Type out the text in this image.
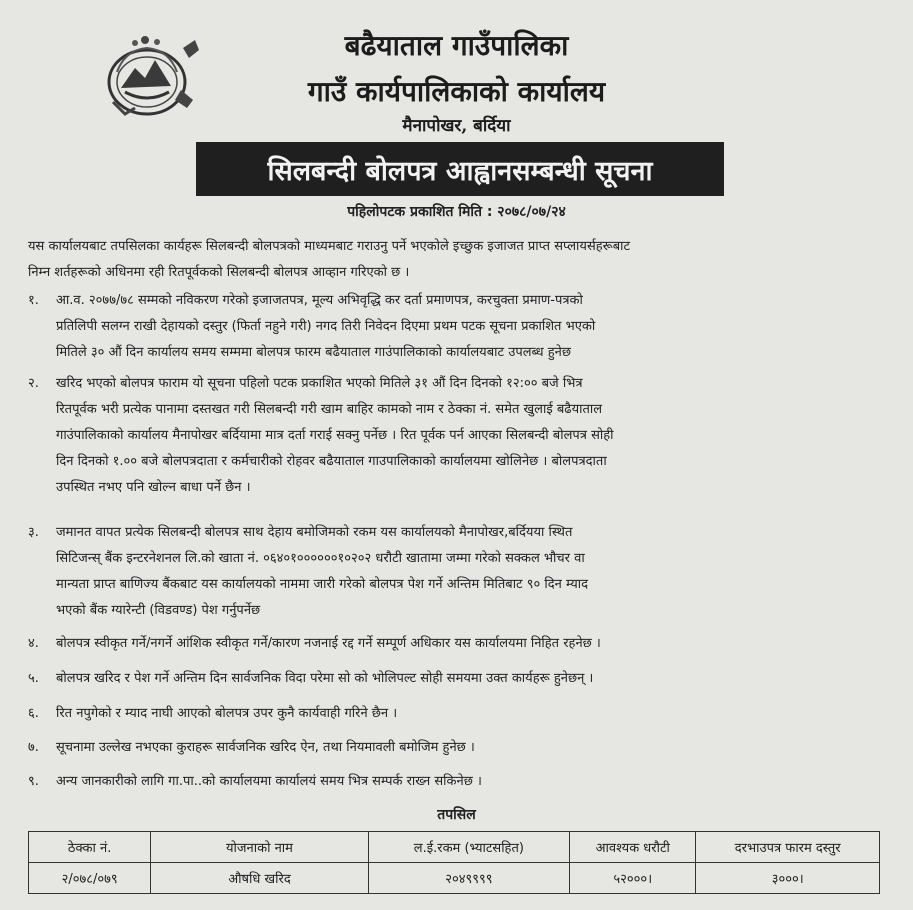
बढैयाताल गाउँपालिका
गाउँ कार्यपालिकाको कार्यालय
मैनापोखर, बर्दिया
सिलबन्दी बोलपत्र आह्वानसम्बन्धी सूचना
पहिलोपटक प्रकाशित मिति : २०७८/०७/२४
यस कार्यालयबाट तपसिलका कार्यहरू सिलबन्दी बोलपत्रको माध्यमबाट गराउनु पर्ने भएकोले इच्छुक इजाजत प्राप्त सप्लायर्सहरूबाट
निम्न शर्तहरूको अधिनमा रही रितपूर्वकको सिलबन्दी बोलपत्र आव्हान गरिएको छ ।
१.	आ.व. २०७७/७८ सम्मको नविकरण गरेको इजाजतपत्र, मूल्य अभिवृद्धि कर दर्ता प्रमाणपत्र, करचुक्ता प्रमाण-पत्रको
प्रतिलिपी सलग्न राखी देहायको दस्तुर (फिर्ता नहुने गरी) नगद तिरी निवेदन दिएमा प्रथम पटक सूचना प्रकाशित भएको
मितिले ३० औं दिन कार्यालय समय सम्ममा बोलपत्र फारम बढैयाताल गाउंपालिकाको कार्यालयबाट उपलब्ध हुनेछ
२.	खरिद भएको बोलपत्र फाराम यो सूचना पहिलो पटक प्रकाशित भएको मितिले ३१ औं दिन दिनको १२:०० बजे भित्र
रितपूर्वक भरी प्रत्येक पानामा दस्तखत गरी सिलबन्दी गरी खाम बाहिर कामको नाम र ठेक्का नं. समेत खुलाई बढैयाताल
गाउंपालिकाको कार्यालय मैनापोखर बर्दियामा मात्र दर्ता गराई सक्नु पर्नेछ । रित पूर्वक पर्न आएका सिलबन्दी बोलपत्र सोही
दिन दिनको १.०० बजे बोलपत्रदाता र कर्मचारीको रोहवर बढैयाताल गाउपालिकाको कार्यालयमा खोलिनेछ । बोलपत्रदाता
उपस्थित नभए पनि खोल्न बाधा पर्ने छैन ।
३.	जमानत वापत प्रत्येक सिलबन्दी बोलपत्र साथ देहाय बमोजिमको रकम यस कार्यालयको मैनापोखर,बर्दियया स्थित
सिटिजन्स् बैंक इन्टरनेशनल लि.को खाता नं. ०६४०१००००००१०२०२ धरौटी खातामा जम्मा गरेको सक्कल भौचर वा
मान्यता प्राप्त बाणिज्य बैंकबाट यस कार्यालयको नाममा जारी गरेको बोलपत्र पेश गर्ने अन्तिम मितिबाट ९० दिन म्याद
भएको बैंक ग्यारेन्टी (विडवण्ड) पेश गर्नुपर्नेछ
४.	बोलपत्र स्वीकृत गर्ने/नगर्ने आंशिक स्वीकृत गर्ने/कारण नजनाई रद्द गर्ने सम्पूर्ण अधिकार यस कार्यालयमा निहित रहनेछ ।
५.	बोलपत्र खरिद र पेश गर्ने अन्तिम दिन सार्वजनिक विदा परेमा सो को भोलिपल्ट सोही समयमा उक्त कार्यहरू हुनेछन् ।
६.	रित नपुगेको र म्याद नाघी आएको बोलपत्र उपर कुनै कार्यवाही गरिने छैन ।
७.	सूचनामा उल्लेख नभएका कुराहरू सार्वजनिक खरिद ऐन, तथा नियमावली बमोजिम हुनेछ ।
९.	अन्य जानकारीको लागि गा.पा..को कार्यालयमा कार्यालयं समय भित्र सम्पर्क राख्न सकिनेछ ।
तपसिल
ठेक्का नं.	योजनाको नाम	ल.ई.रकम (भ्याटसहित)	आवश्यक धरौटी	दरभाउपत्र फारम दस्तुर
२/०७८/०७९	औषधि खरिद	२०४९९९९	५२०००।	३०००।
